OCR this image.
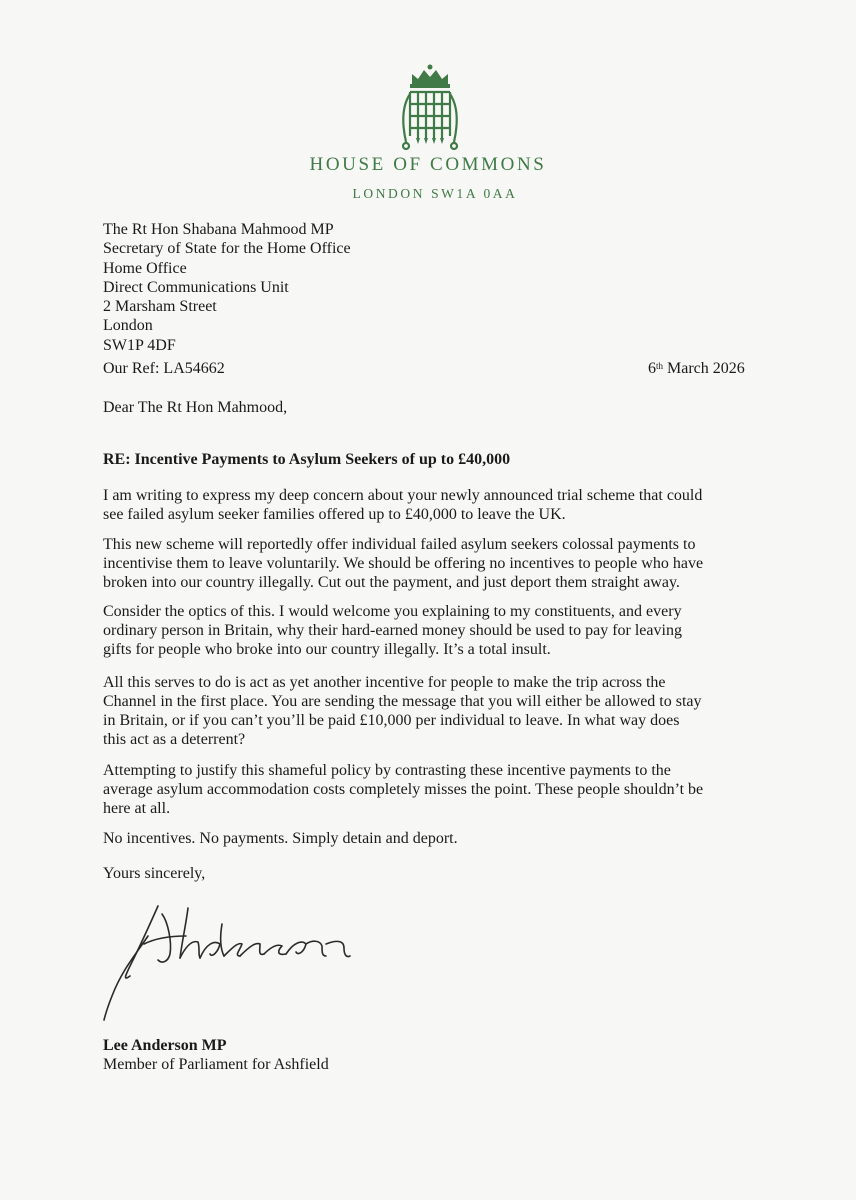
HOUSE OF COMMONS
LONDON SW1A 0AA
The Rt Hon Shabana Mahmood MP
Secretary of State for the Home Office
Home Office
Direct Communications Unit
2 Marsham Street
London
SW1P 4DF
Our Ref: LA54662	6th March 2026
Dear The Rt Hon Mahmood,
RE: Incentive Payments to Asylum Seekers of up to £40,000
I am writing to express my deep concern about your newly announced trial scheme that could
see failed asylum seeker families offered up to £40,000 to leave the UK.
This new scheme will reportedly offer individual failed asylum seekers colossal payments to
incentivise them to leave voluntarily. We should be offering no incentives to people who have
broken into our country illegally. Cut out the payment, and just deport them straight away.
Consider the optics of this. I would welcome you explaining to my constituents, and every
ordinary person in Britain, why their hard-earned money should be used to pay for leaving
gifts for people who broke into our country illegally. It’s a total insult.
All this serves to do is act as yet another incentive for people to make the trip across the
Channel in the first place. You are sending the message that you will either be allowed to stay
in Britain, or if you can’t you’ll be paid £10,000 per individual to leave. In what way does
this act as a deterrent?
Attempting to justify this shameful policy by contrasting these incentive payments to the
average asylum accommodation costs completely misses the point. These people shouldn’t be
here at all.
No incentives. No payments. Simply detain and deport.
Yours sincerely,
Lee Anderson MP
Member of Parliament for Ashfield
